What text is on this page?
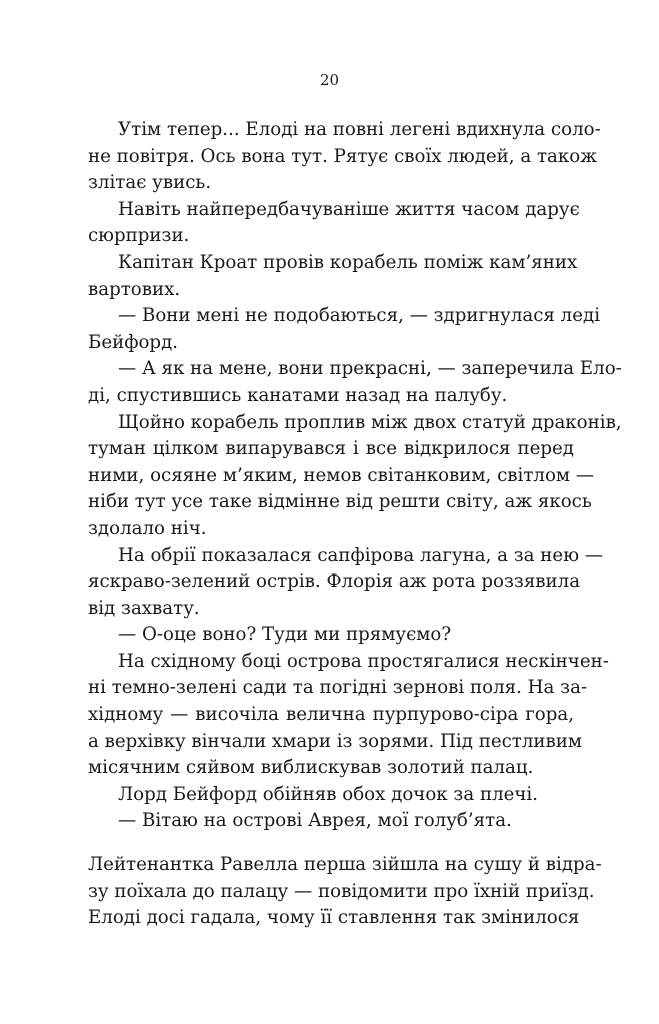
20
Утім тепер... Елоді на повні легені вдихнула соло-
не повітря. Ось вона тут. Рятує своїх людей, а також
злітає увись.
Навіть найпередбачуваніше життя часом дарує
сюрпризи.
Капітан Кроат провів корабель поміж кам’яних
вартових.
— Вони мені не подобаються, — здригнулася леді
Бейфорд.
— А як на мене, вони прекрасні, — заперечила Ело-
ді, спустившись канатами назад на палубу.
Щойно корабель проплив між двох статуй драконів,
туман цілком випарувався і все відкрилося перед
ними, осяяне м’яким, немов світанковим, світлом —
ніби тут усе таке відмінне від решти світу, аж якось
здолало ніч.
На обрії показалася сапфірова лагуна, а за нею —
яскраво-зелений острів. Флорія аж рота роззявила
від захвату.
— О-оце воно? Туди ми прямуємо?
На східному боці острова простягалися нескінчен-
ні темно-зелені сади та погідні зернові поля. На за-
хідному — височіла велична пурпурово-сіра гора,
а верхівку вінчали хмари із зорями. Під пестливим
місячним сяйвом виблискував золотий палац.
Лорд Бейфорд обійняв обох дочок за плечі.
— Вітаю на острові Аврея, мої голуб’ята.
Лейтенантка Равелла перша зійшла на сушу й відра-
зу поїхала до палацу — повідомити про їхній приїзд.
Елоді досі гадала, чому її ставлення так змінилося
